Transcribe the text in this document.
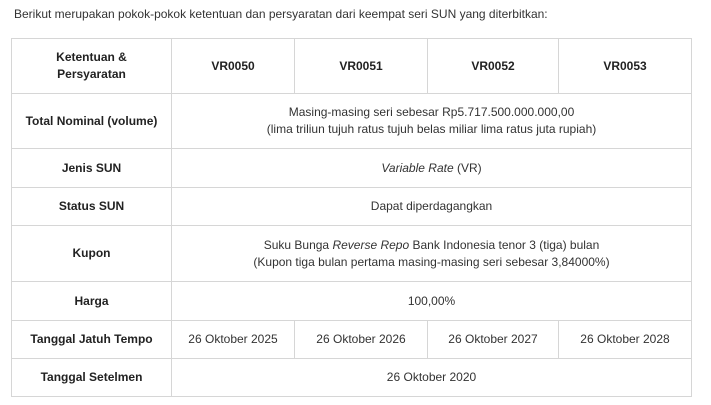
Berikut merupakan pokok-pokok ketentuan dan persyaratan dari keempat seri SUN yang diterbitkan:
Ketentuan &
Persyaratan	VR0050	VR0051	VR0052	VR0053
Total Nominal (volume)	Masing-masing seri sebesar Rp5.717.500.000.000,00
(lima triliun tujuh ratus tujuh belas miliar lima ratus juta rupiah)			
Jenis SUN	Variable Rate (VR)			
Status SUN	Dapat diperdagangkan			
Kupon	Suku Bunga Reverse Repo Bank Indonesia tenor 3 (tiga) bulan
(Kupon tiga bulan pertama masing-masing seri sebesar 3,84000%)			
Harga	100,00%			
Tanggal Jatuh Tempo	26 Oktober 2025	26 Oktober 2026	26 Oktober 2027	26 Oktober 2028
Tanggal Setelmen	26 Oktober 2020			
